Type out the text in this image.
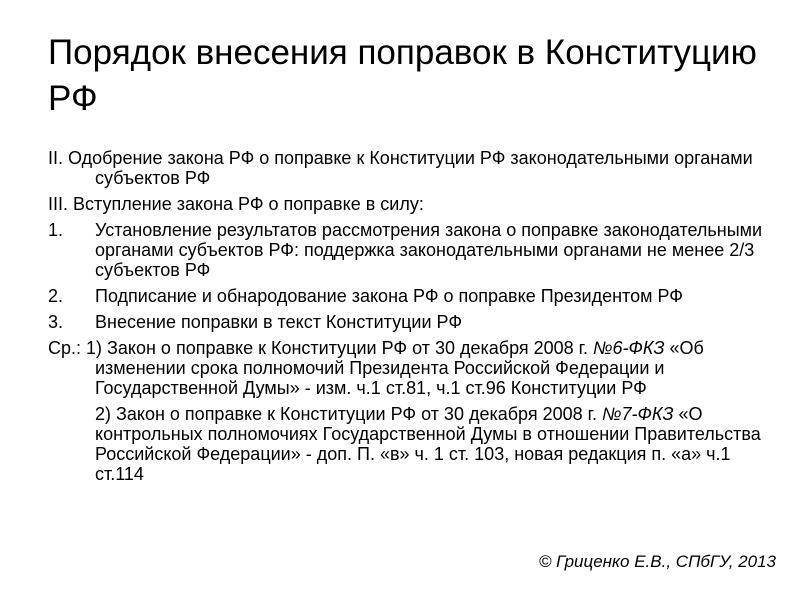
Порядок внесения поправок в Конституцию РФ

II. Одобрение закона РФ о поправке к Конституции РФ законодательными органами субъектов РФ

III. Вступление закона РФ о поправке в силу:

1. Установление результатов рассмотрения закона о поправке законодательными органами субъектов РФ: поддержка законодательными органами не менее 2/3 субъектов РФ

2. Подписание и обнародование закона РФ о поправке Президентом РФ

3. Внесение поправки в текст Конституции РФ

Ср.: 1) Закон о поправке к Конституции РФ от 30 декабря 2008 г. №6-ФКЗ «Об изменении срока полномочий Президента Российской Федерации и Государственной Думы» - изм. ч.1 ст.81, ч.1 ст.96 Конституции РФ

2) Закон о поправке к Конституции РФ от 30 декабря 2008 г. №7-ФКЗ «О контрольных полномочиях Государственной Думы в отношении Правительства Российской Федерации» - доп. П. «в» ч. 1 ст. 103, новая редакция п. «а» ч.1 ст.114

© Гриценко Е.В., СПбГУ, 2013
